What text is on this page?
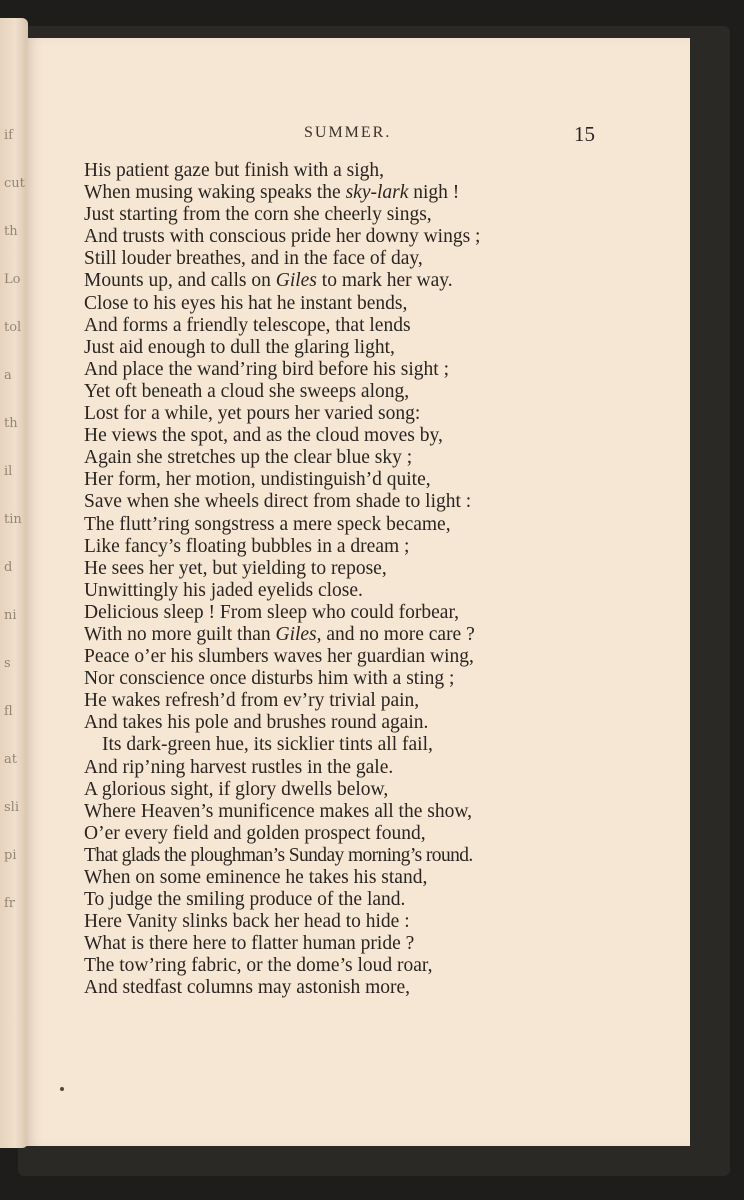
if
cut
th
Lo
tol
a
th
il
tin
d
ni
s
fl
at
sli
pi
fr
SUMMER.	15
His patient gaze but finish with a sigh,
When musing waking speaks the sky-lark nigh !
Just starting from the corn she cheerly sings,
And trusts with conscious pride her downy wings ;
Still louder breathes, and in the face of day,
Mounts up, and calls on Giles to mark her way.
Close to his eyes his hat he instant bends,
And forms a friendly telescope, that lends
Just aid enough to dull the glaring light,
And place the wand’ring bird before his sight ;
Yet oft beneath a cloud she sweeps along,
Lost for a while, yet pours her varied song:
He views the spot, and as the cloud moves by,
Again she stretches up the clear blue sky ;
Her form, her motion, undistinguish’d quite,
Save when she wheels direct from shade to light :
The flutt’ring songstress a mere speck became,
Like fancy’s floating bubbles in a dream ;
He sees her yet, but yielding to repose,
Unwittingly his jaded eyelids close.
Delicious sleep ! From sleep who could forbear,
With no more guilt than Giles, and no more care ?
Peace o’er his slumbers waves her guardian wing,
Nor conscience once disturbs him with a sting ;
He wakes refresh’d from ev’ry trivial pain,
And takes his pole and brushes round again.
Its dark-green hue, its sicklier tints all fail,
And rip’ning harvest rustles in the gale.
A glorious sight, if glory dwells below,
Where Heaven’s munificence makes all the show,
O’er every field and golden prospect found,
That glads the ploughman’s Sunday morning’s round.
When on some eminence he takes his stand,
To judge the smiling produce of the land.
Here Vanity slinks back her head to hide :
What is there here to flatter human pride ?
The tow’ring fabric, or the dome’s loud roar,
And stedfast columns may astonish more,
